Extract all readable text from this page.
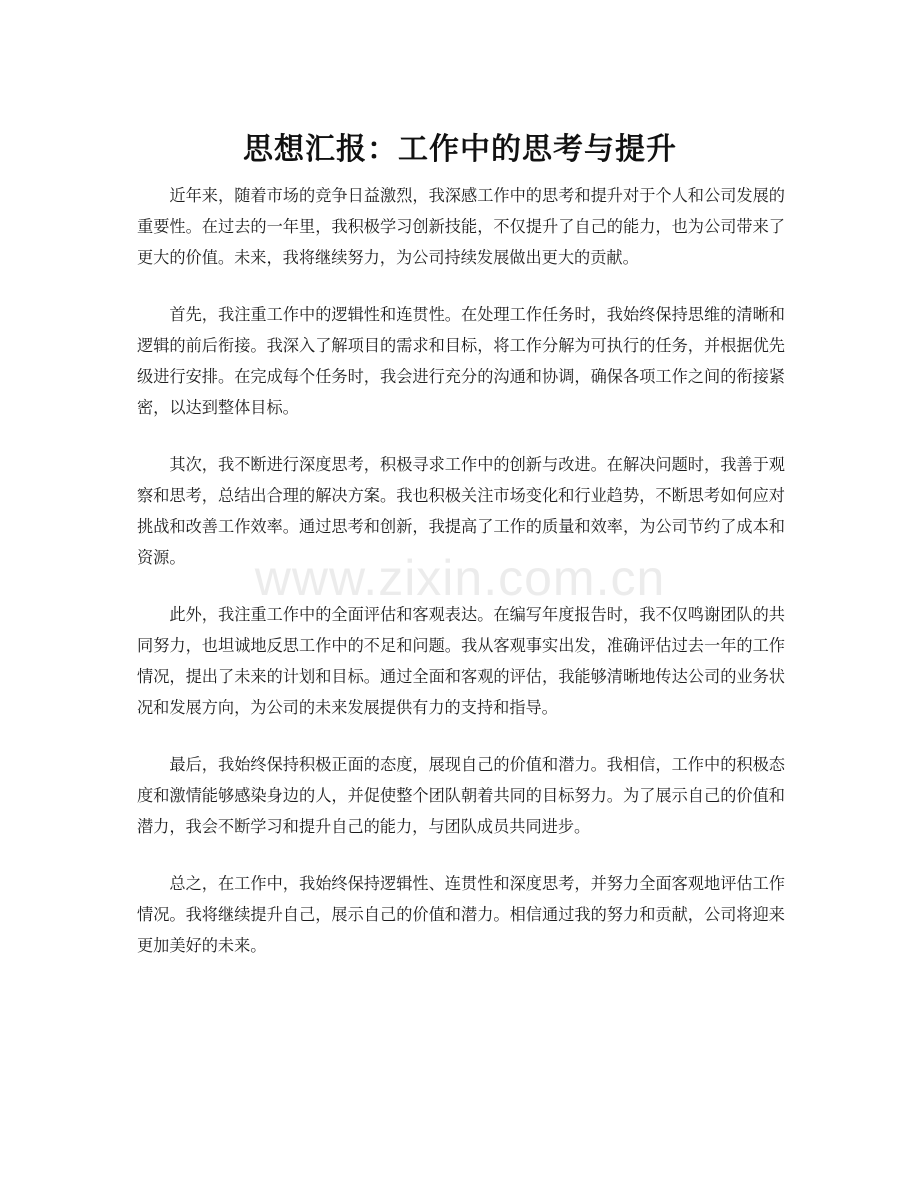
思想汇报：工作中的思考与提升

近年来，随着市场的竞争日益激烈，我深感工作中的思考和提升对于个人和公司发展的重要性。在过去的一年里，我积极学习创新技能，不仅提升了自己的能力，也为公司带来了更大的价值。未来，我将继续努力，为公司持续发展做出更大的贡献。

首先，我注重工作中的逻辑性和连贯性。在处理工作任务时，我始终保持思维的清晰和逻辑的前后衔接。我深入了解项目的需求和目标，将工作分解为可执行的任务，并根据优先级进行安排。在完成每个任务时，我会进行充分的沟通和协调，确保各项工作之间的衔接紧密，以达到整体目标。

其次，我不断进行深度思考，积极寻求工作中的创新与改进。在解决问题时，我善于观察和思考，总结出合理的解决方案。我也积极关注市场变化和行业趋势，不断思考如何应对挑战和改善工作效率。通过思考和创新，我提高了工作的质量和效率，为公司节约了成本和资源。

此外，我注重工作中的全面评估和客观表达。在编写年度报告时，我不仅鸣谢团队的共同努力，也坦诚地反思工作中的不足和问题。我从客观事实出发，准确评估过去一年的工作情况，提出了未来的计划和目标。通过全面和客观的评估，我能够清晰地传达公司的业务状况和发展方向，为公司的未来发展提供有力的支持和指导。

最后，我始终保持积极正面的态度，展现自己的价值和潜力。我相信，工作中的积极态度和激情能够感染身边的人，并促使整个团队朝着共同的目标努力。为了展示自己的价值和潜力，我会不断学习和提升自己的能力，与团队成员共同进步。

总之，在工作中，我始终保持逻辑性、连贯性和深度思考，并努力全面客观地评估工作情况。我将继续提升自己，展示自己的价值和潜力。相信通过我的努力和贡献，公司将迎来更加美好的未来。

www.zixin.com.cn
